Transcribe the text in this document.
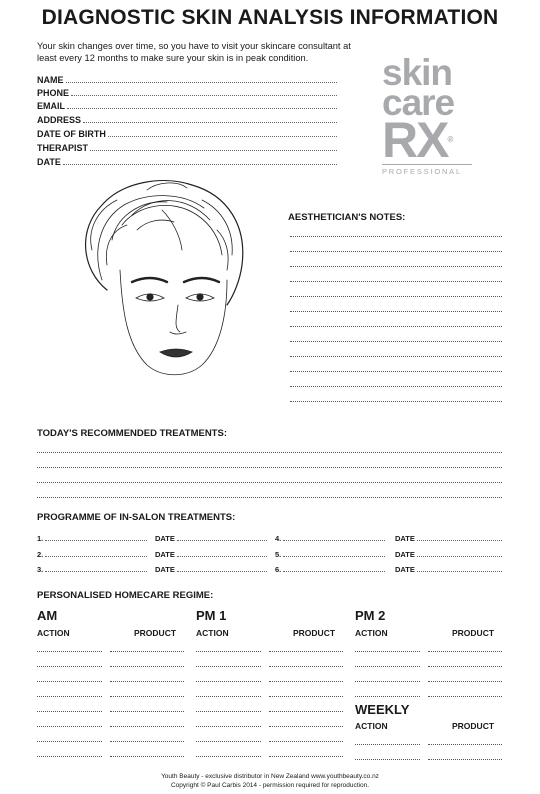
DIAGNOSTIC SKIN ANALYSIS INFORMATION
Your skin changes over time, so you have to visit your skincare consultant at least every 12 months to make sure your skin is in peak condition.
NAME
PHONE
EMAIL
ADDRESS
DATE OF BIRTH
THERAPIST
DATE
skin
care
RX®
PROFESSIONAL
AESTHETICIAN'S NOTES:
TODAY'S RECOMMENDED TREATMENTS:
PROGRAMME OF IN-SALON TREATMENTS:
1.	DATE	4.	DATE
2.	DATE	5.	DATE
3.	DATE	6.	DATE
PERSONALISED HOMECARE REGIME:
AM	PM 1	PM 2
ACTION	PRODUCT ACTION	PRODUCT ACTION	PRODUCT
WEEKLY
ACTION	PRODUCT
Youth Beauty - exclusive distributor in New Zealand www.youthbeauty.co.nz
Copyright © Paul Carbis 2014 - permission required for reproduction.
